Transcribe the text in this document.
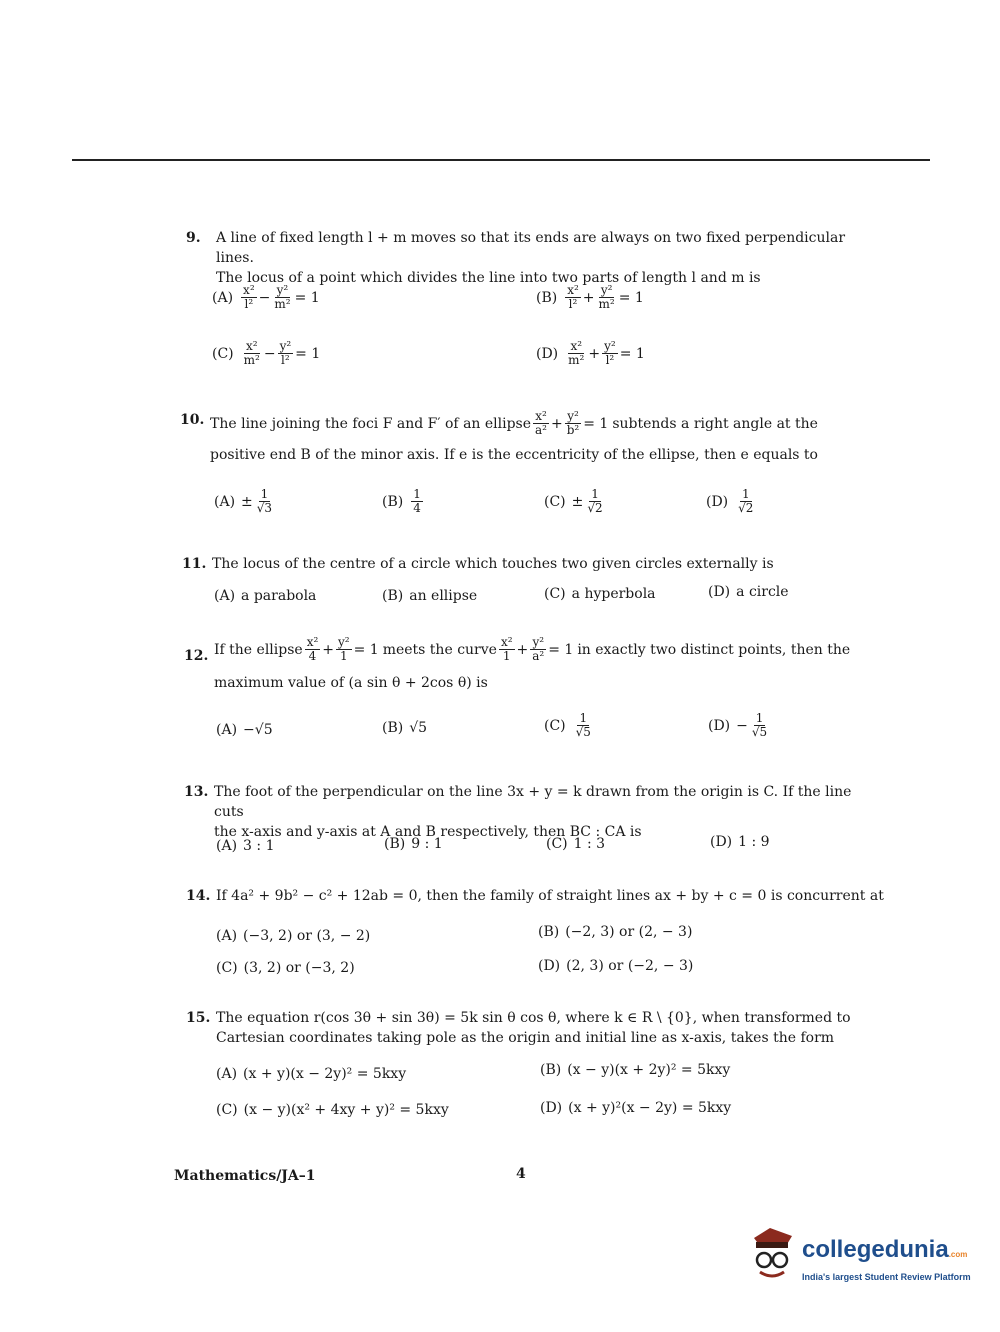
9. A line of fixed length l + m moves so that its ends are always on two fixed perpendicular lines.
The locus of a point which divides the line into two parts of length l and m is
$(A) \frac{\text{x²}}{\text{l²}} - \frac{\text{y²}}{\text{m²}} = 1$	$(B) \frac{\text{x²}}{\text{l²}} + \frac{\text{y²}}{\text{m²}} = 1$
$(C) \frac{\text{x²}}{\text{m²}} - \frac{\text{y²}}{\text{l²}} = 1$	$(D) \frac{\text{x²}}{\text{m²}} + \frac{\text{y²}}{\text{l²}} = 1$
10. The line joining the foci F and F′ of an ellipse $\frac{\text{x²}}{\text{a²}} + \frac{\text{y²}}{\text{b²}} = 1$ subtends a right angle at the
positive end B of the minor axis. If e is the eccentricity of the ellipse, then e equals to
$(A) \pm \frac{1}{√3}$	$(B) \frac{1}{4}$	$(C) \pm \frac{1}{√2}$	$(D) \frac{1}{√2}$
11. The locus of the centre of a circle which touches two given circles externally is
(A) a parabola	(B) an ellipse	(C) a hyperbola	(D) a circle
12. If the ellipse $\frac{\text{x²}}{4} + \frac{\text{y²}}{1} = 1$ meets the curve $\frac{\text{x²}}{1} + \frac{\text{y²}}{\text{a²}} = 1$ in exactly two distinct points, then the
maximum value of (a sin θ + 2cos θ) is
(A) −√5	(B) √5	$(C) \frac{1}{√5}$	$(D) - \frac{1}{√5}$
13. The foot of the perpendicular on the line 3x + y = k drawn from the origin is C. If the line cuts
the x-axis and y-axis at A and B respectively, then BC : CA is
(A) 3 : 1	(B) 9 : 1	(C) 1 : 3	(D) 1 : 9
14. If 4a² + 9b² − c² + 12ab = 0, then the family of straight lines ax + by + c = 0 is concurrent at
(A) (−3, 2) or (3, − 2)	(B) (−2, 3) or (2, − 3)
(C) (3, 2) or (−3, 2)	(D) (2, 3) or (−2, − 3)
15. The equation r(cos 3θ + sin 3θ) = 5k sin θ cos θ, where k ∈ R \ {0}, when transformed to
Cartesian coordinates taking pole as the origin and initial line as x-axis, takes the form
(A) (x + y)(x − 2y)² = 5kxy	(B) (x − y)(x + 2y)² = 5kxy
(C) (x − y)(x² + 4xy + y)² = 5kxy	(D) (x + y)²(x − 2y) = 5kxy
Mathematics/JA–1	4
collegedunia.com
India's largest Student Review Platform
